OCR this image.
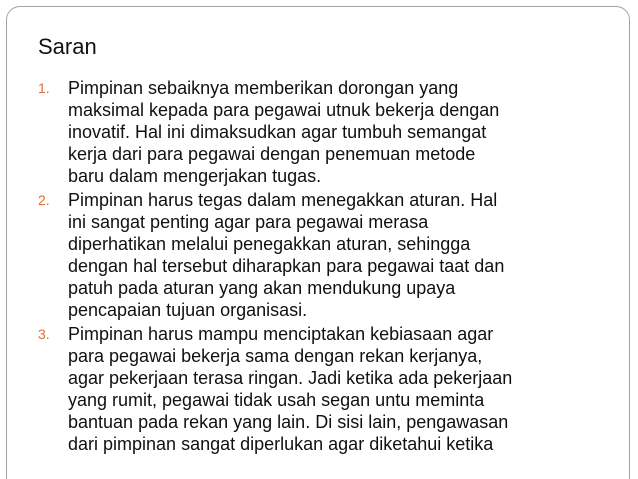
Saran
1. Pimpinan sebaiknya memberikan dorongan yang
maksimal kepada para pegawai utnuk bekerja dengan
inovatif. Hal ini dimaksudkan agar tumbuh semangat
kerja dari para pegawai dengan penemuan metode
baru dalam mengerjakan tugas.
2. Pimpinan harus tegas dalam menegakkan aturan. Hal
ini sangat penting agar para pegawai merasa
diperhatikan melalui penegakkan aturan, sehingga
dengan hal tersebut diharapkan para pegawai taat dan
patuh pada aturan yang akan mendukung upaya
pencapaian tujuan organisasi.
3. Pimpinan harus mampu menciptakan kebiasaan agar
para pegawai bekerja sama dengan rekan kerjanya,
agar pekerjaan terasa ringan. Jadi ketika ada pekerjaan
yang rumit, pegawai tidak usah segan untu meminta
bantuan pada rekan yang lain. Di sisi lain, pengawasan
dari pimpinan sangat diperlukan agar diketahui ketika
